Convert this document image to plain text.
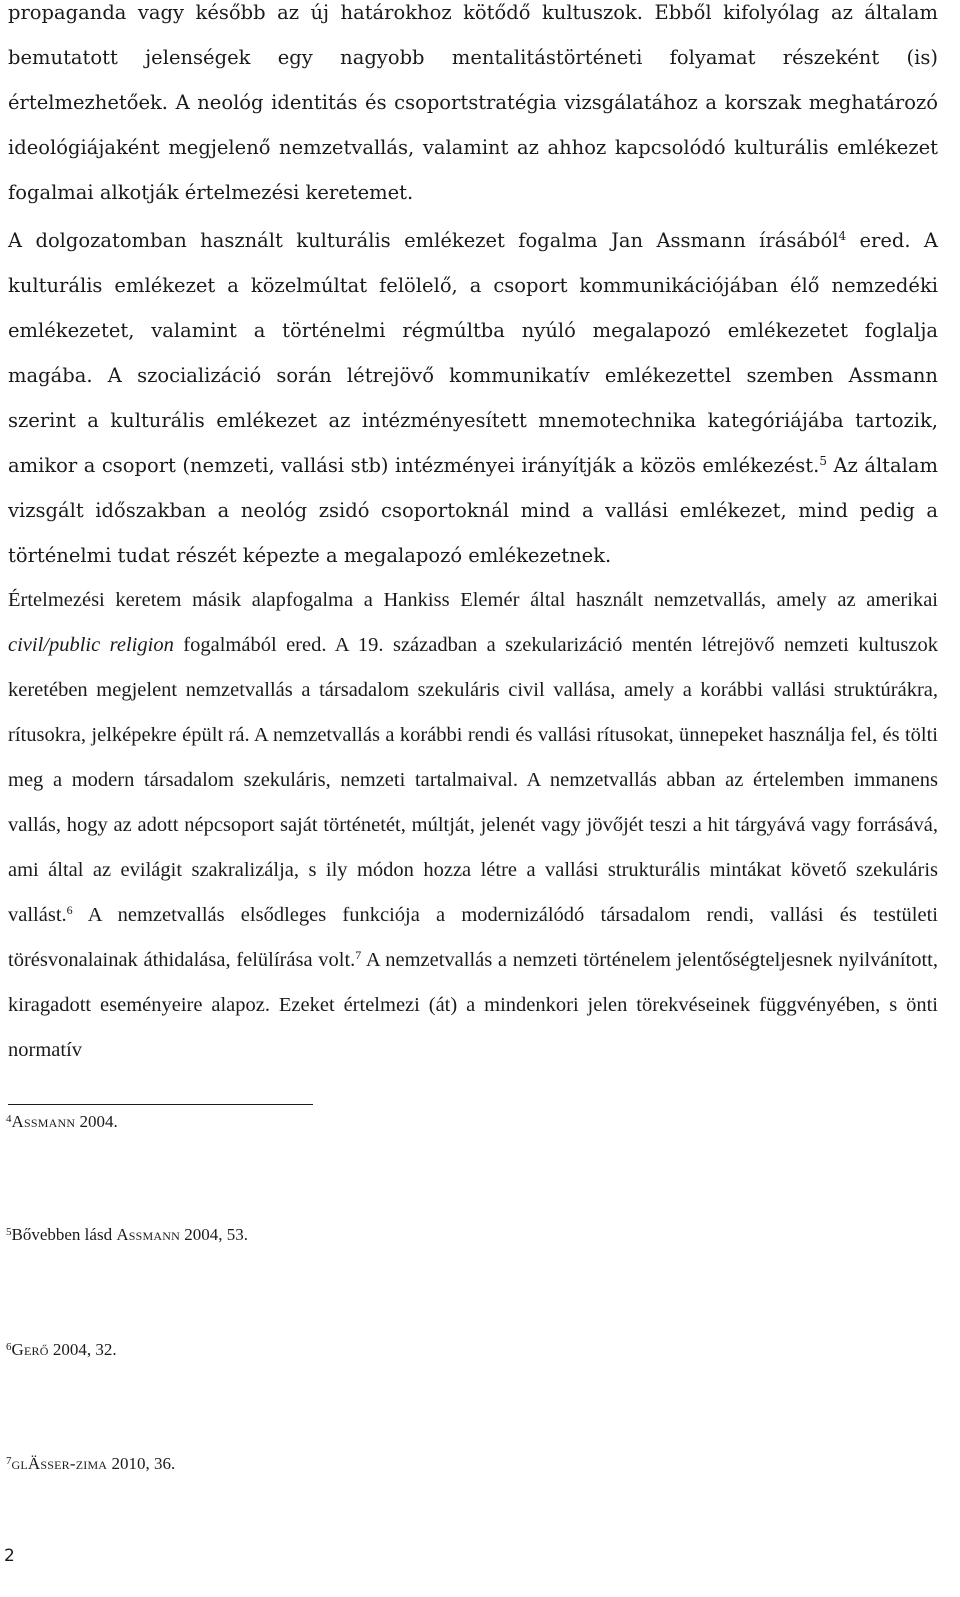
propaganda vagy később az új határokhoz kötődő kultuszok. Ebből kifolyólag az általam bemutatott jelenségek egy nagyobb mentalitástörténeti folyamat részeként (is) értelmezhetőek. A neológ identitás és csoportstratégia vizsgálatához a korszak meghatározó ideológiájaként megjelenő nemzetvallás, valamint az ahhoz kapcsolódó kulturális emlékezet fogalmai alkotják értelmezési keretemet.

A dolgozatomban használt kulturális emlékezet fogalma Jan Assmann írásából$^4$ ered. A kulturális emlékezet a közelmúltat felölelő, a csoport kommunikációjában élő nemzedéki emlékezetet, valamint a történelmi régmúltba nyúló megalapozó emlékezetet foglalja magába. A szocializáció során létrejövő kommunikatív emlékezettel szemben Assmann szerint a kulturális emlékezet az intézményesített mnemotechnika kategóriájába tartozik, amikor a csoport (nemzeti, vallási stb) intézményei irányítják a közös emlékezést.$^5$ Az általam vizsgált időszakban a neológ zsidó csoportoknál mind a vallási emlékezet, mind pedig a történelmi tudat részét képezte a megalapozó emlékezetnek.

Értelmezési keretem másik alapfogalma a Hankiss Elemér által használt nemzetvallás, amely az amerikai civil/public religion fogalmából ered. A 19. században a szekularizáció mentén létrejövő nemzeti kultuszok keretében megjelent nemzetvallás a társadalom szekuláris civil vallása, amely a korábbi vallási struktúrákra, rítusokra, jelképekre épült rá. A nemzetvallás a korábbi rendi és vallási rítusokat, ünnepeket használja fel, és tölti meg a modern társadalom szekuláris, nemzeti tartalmaival. A nemzetvallás abban az értelemben immanens vallás, hogy az adott népcsoport saját történetét, múltját, jelenét vagy jövőjét teszi a hit tárgyává vagy forrásává, ami által az evilágit szakralizálja, s ily módon hozza létre a vallási strukturális mintákat követő szekuláris vallást.$^6$ A nemzetvallás elsődleges funkciója a modernizálódó társadalom rendi, vallási és testületi törésvonalainak áthidalása, felülírása volt.$^7$ A nemzetvallás a nemzeti történelem jelentőségteljesnek nyilvánított, kiragadott eseményeire alapoz. Ezeket értelmezi (át) a mindenkori jelen törekvéseinek függvényében, s önti normatív

$^4$Assmann 2004.

$^5$Bővebben lásd Assmann 2004, 53.

$^6$Gerő 2004, 32.

$^7$glÄsser-zima 2010, 36.

2
